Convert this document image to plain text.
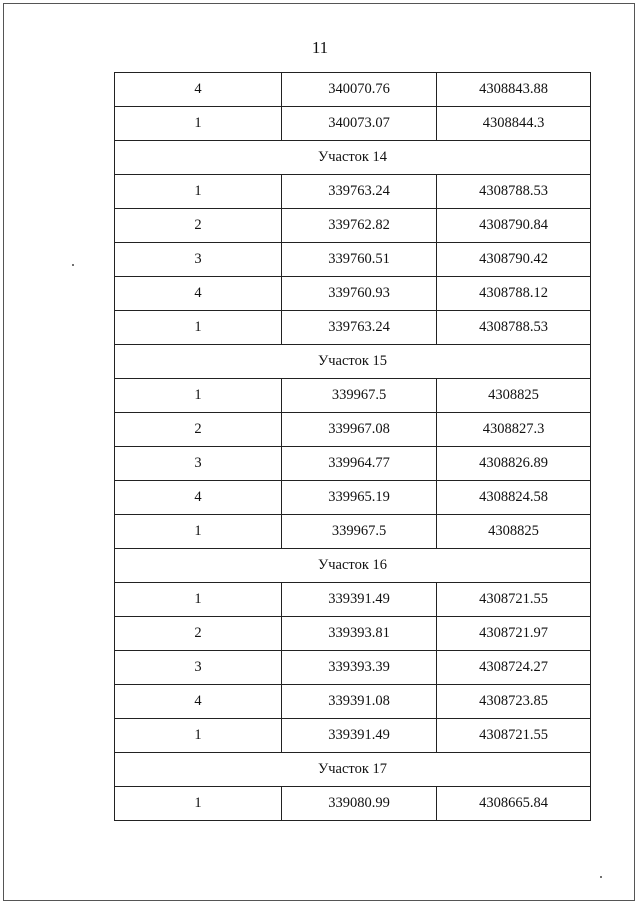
11
4	340070.76	4308843.88
1	340073.07	4308844.3
Участок 14		
1	339763.24	4308788.53
2	339762.82	4308790.84
3	339760.51	4308790.42
4	339760.93	4308788.12
1	339763.24	4308788.53
Участок 15		
1	339967.5	4308825
2	339967.08	4308827.3
3	339964.77	4308826.89
4	339965.19	4308824.58
1	339967.5	4308825
Участок 16		
1	339391.49	4308721.55
2	339393.81	4308721.97
3	339393.39	4308724.27
4	339391.08	4308723.85
1	339391.49	4308721.55
Участок 17		
1	339080.99	4308665.84
